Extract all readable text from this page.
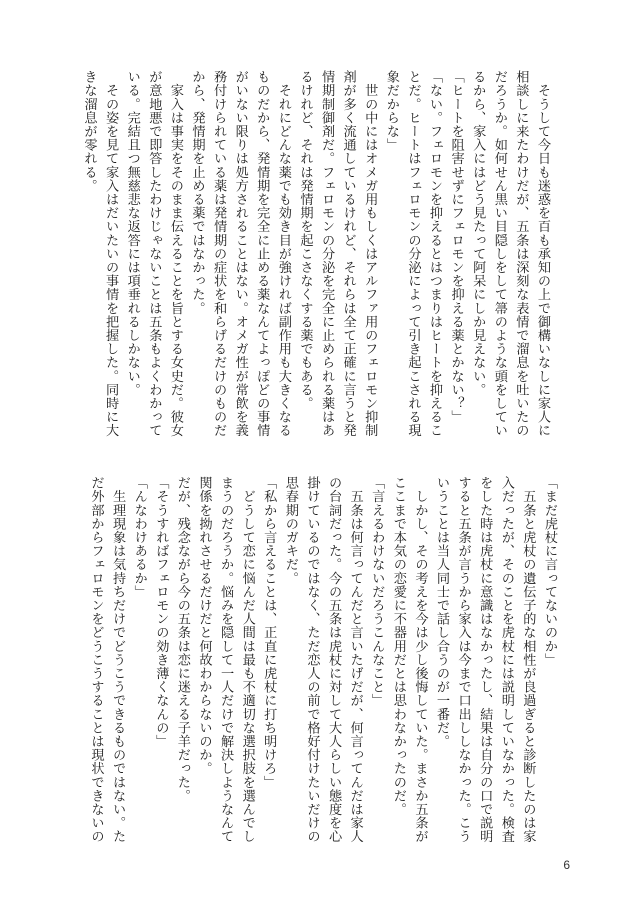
　そうして今日も迷惑を百も承知の上で御構いなしに家人に

相談しに来たわけだが、五条は深刻な表情で溜息を吐いたの

だろうか。如何せん黒い目隠しをして箒のような頭をしてい

るから、家入にはどう見たって阿呆にしか見えない。

「ヒートを阻害せずにフェロモンを抑える薬とかない？」

「ない。フェロモンを抑えるとはつまりはヒートを抑えるこ

とだ。ヒートはフェロモンの分泌によって引き起こされる現

象だからな」

　世の中にはオメガ用もしくはアルファ用のフェロモン抑制

剤が多く流通しているけれど、それらは全て正確に言うと発

情期制御剤だ。フェロモンの分泌を完全に止められる薬はあ

るけれど、それは発情期を起こさなくする薬でもある。

　それにどんな薬でも効き目が強ければ副作用も大きくなる

ものだから、発情期を完全に止める薬なんてよっぽどの事情

がいない限りは処方されることはない。オメガ性が常飲を義

務付けられている薬は発情期の症状を和らげるだけのものだ

から、発情期を止める薬ではなかった。

　家入は事実をそのまま伝えることを旨とする女史だ。彼女

が意地悪で即答したわけじゃないことは五条もよくわかって

いる。完結且つ無慈悲な返答には項垂れるしかない。

　その姿を見て家入はだいたいの事情を把握した。同時に大

きな溜息が零れる。

「まだ虎杖に言ってないのか」

　五条と虎杖の遺伝子的な相性が良過ぎると診断したのは家

入だったが、そのことを虎杖には説明していなかった。検査

をした時は虎杖に意識はなかったし、結果は自分の口で説明

すると五条が言うから家入は今まで口出ししなかった。こう

いうことは当人同士で話し合うのが一番だ。

　しかし、その考えを今は少し後悔していた。まさか五条が

ここまで本気の恋愛に不器用だとは思わなかったのだ。

「言えるわけないだろうこんなこと」

　五条は何言ってんだと言いたげだが、何言ってんだは家人

の台詞だった。今の五条は虎杖に対して大人らしい態度を心

掛けているのではなく、ただ恋人の前で格好付けたいだけの

思春期のガキだ。

「私から言えることは、正直に虎杖に打ち明けろ」

　どうして恋に悩んだ人間は最も不適切な選択肢を選んでし

まうのだろうか。悩みを隠して一人だけで解決しようなんて

関係を拗れさせるだけだと何故わからないのか。

だが、残念ながら今の五条は恋に迷える子羊だった。

「そうすればフェロモンの効き薄くなんの」

「んなわけあるか」

　生理現象は気持ちだけでどうこうできるものではない。た

だ外部からフェロモンをどうこうすることは現状できないの

6
